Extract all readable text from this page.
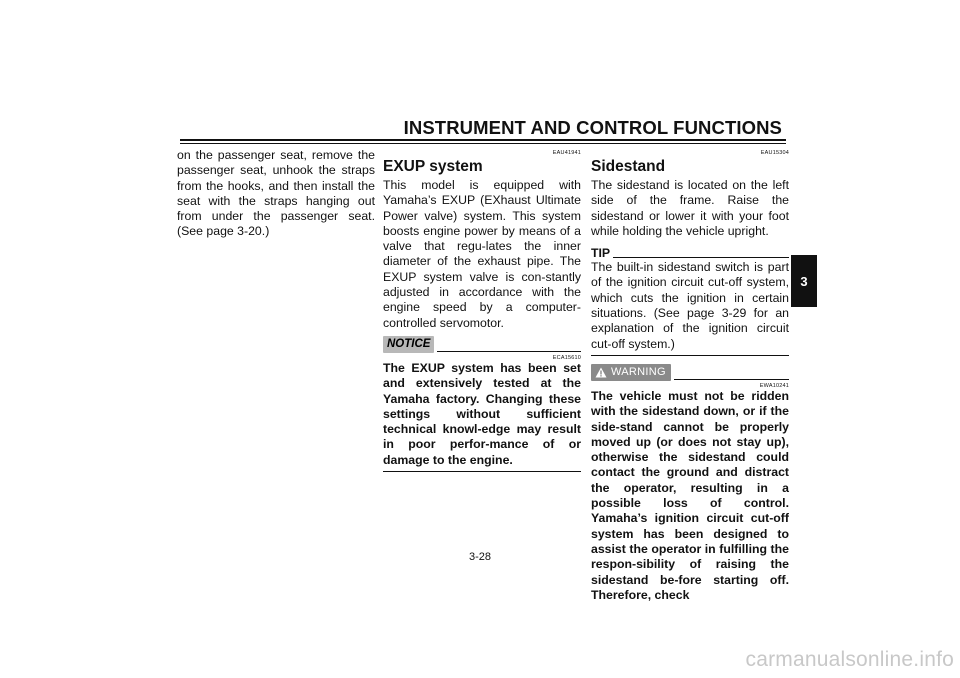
INSTRUMENT AND CONTROL FUNCTIONS
3

on the passenger seat, remove the passenger seat, unhook the straps from the hooks, and then install the seat with the straps hanging out from under the passenger seat. (See page 3-20.)

EAU41941
EXUP system

This model is equipped with Yamaha’s EXUP (EXhaust Ultimate Power valve) system. This system boosts engine power by means of a valve that regu-lates the inner diameter of the exhaust pipe. The EXUP system valve is con-stantly adjusted in accordance with the engine speed by a computer-controlled servomotor.

NOTICE
ECA15610

The EXUP system has been set and extensively tested at the Yamaha factory. Changing these settings without sufficient technical knowl-edge may result in poor perfor-mance of or damage to the engine.

EAU15304
Sidestand

The sidestand is located on the left side of the frame. Raise the sidestand or lower it with your foot while holding the vehicle upright.

TIP

The built-in sidestand switch is part of the ignition circuit cut-off system, which cuts the ignition in certain situations. (See page 3-29 for an explanation of the ignition circuit cut-off system.)

WARNING
EWA10241

The vehicle must not be ridden with the sidestand down, or if the side-stand cannot be properly moved up (or does not stay up), otherwise the sidestand could contact the ground and distract the operator, resulting in a possible loss of control. Yamaha’s ignition circuit cut-off system has been designed to assist the operator in fulfilling the respon-sibility of raising the sidestand be-fore starting off. Therefore, check

3-28
carmanualsonline.info
